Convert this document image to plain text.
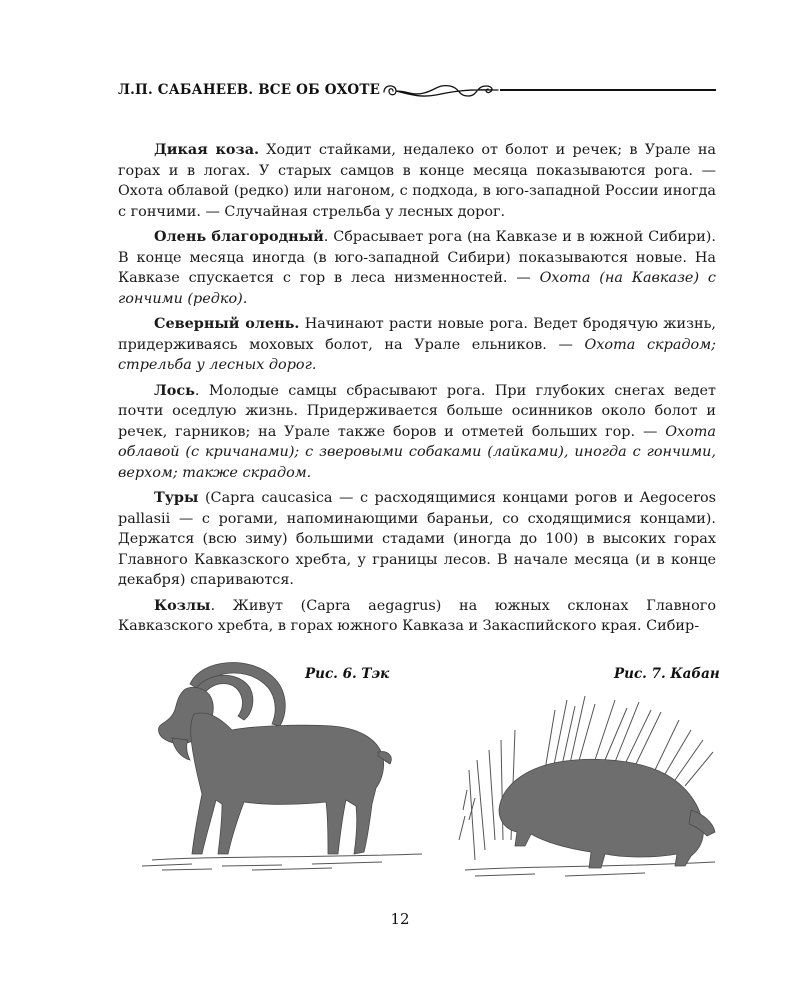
Л.П. САБАНЕЕВ. ВСЕ ОБ ОХОТЕ

Дикая коза. Ходит стайками, недалеко от болот и речек; в Урале на горах и в логах. У старых самцов в конце месяца показываются рога. — Охота облавой (редко) или нагоном, с подхода, в юго-западной России иногда с гончими. — Случайная стрельба у лесных дорог.

Олень благородный. Сбрасывает рога (на Кавказе и в южной Сибири). В конце месяца иногда (в юго-западной Сибири) показываются новые. На Кавказе спускается с гор в леса низменностей. — Охота (на Кавказе) с гончими (редко).

Северный олень. Начинают расти новые рога. Ведет бродячую жизнь, придерживаясь моховых болот, на Урале ельников. — Охота скрадом; стрельба у лесных дорог.

Лось. Молодые самцы сбрасывают рога. При глубоких снегах ведет почти оседлую жизнь. Придерживается больше осинников около болот и речек, гарников; на Урале также боров и отметей больших гор. — Охота облавой (с кричанами); с зверовыми собаками (лайками), иногда с гончими, верхом; также скрадом.

Туры (Capra caucasica — с расходящимися концами рогов и Aegoceros pallasii — с рогами, напоминающими бараньи, со сходящимися концами). Держатся (всю зиму) большими стадами (иногда до 100) в высоких горах Главного Кавказского хребта, у границы лесов. В начале месяца (и в конце декабря) спариваются.

Козлы. Живут (Capra aegagrus) на южных склонах Главного Кавказского хребта, в горах южного Кавказа и Закаспийского края. Сибир-

Рис. 6. Тэк	Рис. 7. Кабан
12
